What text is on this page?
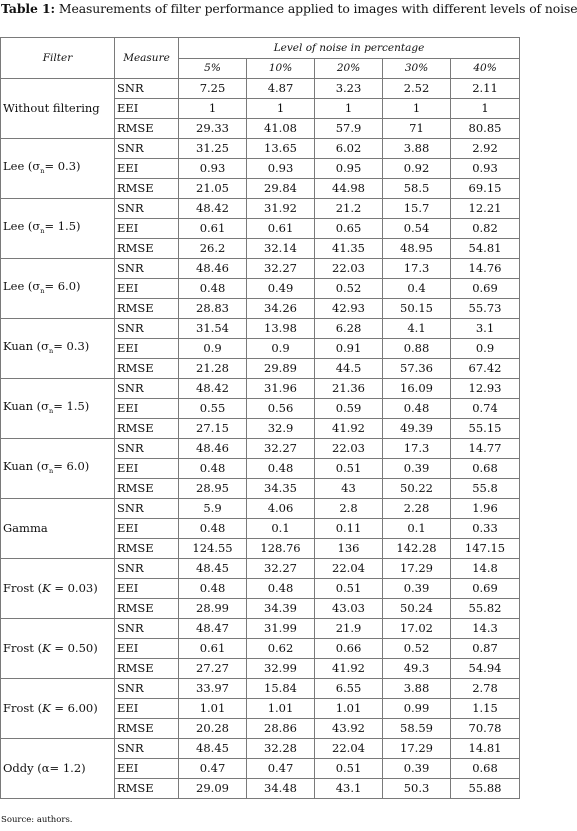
Table 1: Measurements of filter performance applied to images with different levels of noise
Filter	Measure	Level of noise in percentage				
		5%	10%	20%	30%	40%
Without filtering	SNR	7.25	4.87	3.23	2.52	2.11
	EEI	1	1	1	1	1
	RMSE	29.33	41.08	57.9	71	80.85
Lee $(\sigma_n= 0.3)$	SNR	31.25	13.65	6.02	3.88	2.92
	EEI	0.93	0.93	0.95	0.92	0.93
	RMSE	21.05	29.84	44.98	58.5	69.15
Lee $(\sigma_n= 1.5)$	SNR	48.42	31.92	21.2	15.7	12.21
	EEI	0.61	0.61	0.65	0.54	0.82
	RMSE	26.2	32.14	41.35	48.95	54.81
Lee $(\sigma_n= 6.0)$	SNR	48.46	32.27	22.03	17.3	14.76
	EEI	0.48	0.49	0.52	0.4	0.69
	RMSE	28.83	34.26	42.93	50.15	55.73
Kuan $(\sigma_n= 0.3)$	SNR	31.54	13.98	6.28	4.1	3.1
	EEI	0.9	0.9	0.91	0.88	0.9
	RMSE	21.28	29.89	44.5	57.36	67.42
Kuan $(\sigma_n= 1.5)$	SNR	48.42	31.96	21.36	16.09	12.93
	EEI	0.55	0.56	0.59	0.48	0.74
	RMSE	27.15	32.9	41.92	49.39	55.15
Kuan $(\sigma_n= 6.0)$	SNR	48.46	32.27	22.03	17.3	14.77
	EEI	0.48	0.48	0.51	0.39	0.68
	RMSE	28.95	34.35	43	50.22	55.8
Gamma	SNR	5.9	4.06	2.8	2.28	1.96
	EEI	0.48	0.1	0.11	0.1	0.33
	RMSE	124.55	128.76	136	142.28	147.15
Frost (K = 0.03)	SNR	48.45	32.27	22.04	17.29	14.8
	EEI	0.48	0.48	0.51	0.39	0.69
	RMSE	28.99	34.39	43.03	50.24	55.82
Frost (K = 0.50)	SNR	48.47	31.99	21.9	17.02	14.3
	EEI	0.61	0.62	0.66	0.52	0.87
	RMSE	27.27	32.99	41.92	49.3	54.94
Frost (K = 6.00)	SNR	33.97	15.84	6.55	3.88	2.78
	EEI	1.01	1.01	1.01	0.99	1.15
	RMSE	20.28	28.86	43.92	58.59	70.78
Oddy (α= 1.2)	SNR	48.45	32.28	22.04	17.29	14.81
	EEI	0.47	0.47	0.51	0.39	0.68
	RMSE	29.09	34.48	43.1	50.3	55.88
Source: authors.
